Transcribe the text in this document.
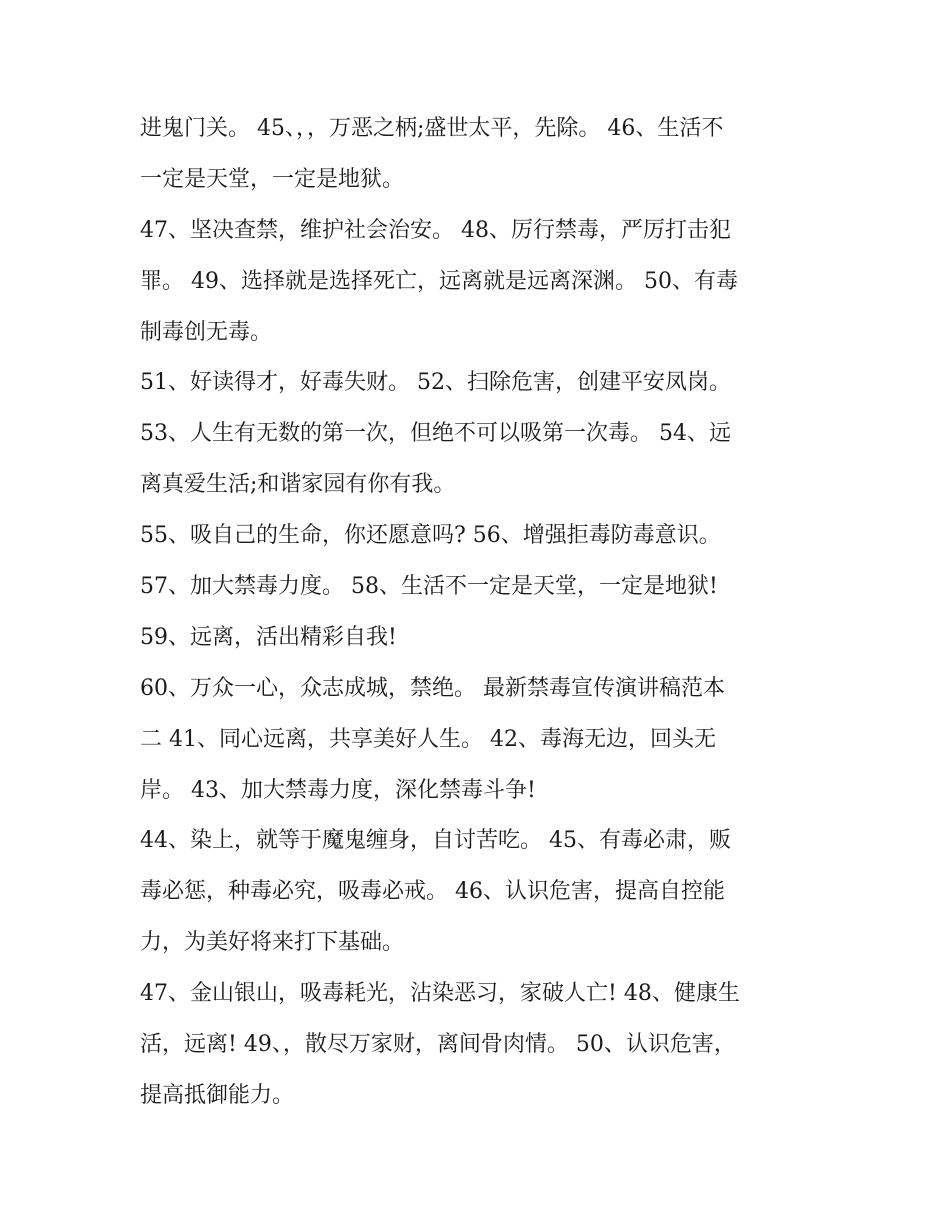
进鬼门关。 45、，，万恶之柄;盛世太平，先除。 46、生活不
一定是天堂，一定是地狱。
47、坚决查禁，维护社会治安。 48、厉行禁毒，严厉打击犯
罪。 49、选择就是选择死亡，远离就是远离深渊。 50、有毒
制毒创无毒。
51、好读得才，好毒失财。 52、扫除危害，创建平安凤岗。
53、人生有无数的第一次，但绝不可以吸第一次毒。 54、远
离真爱生活;和谐家园有你有我。
55、吸自己的生命，你还愿意吗? 56、增强拒毒防毒意识。
57、加大禁毒力度。 58、生活不一定是天堂，一定是地狱!
59、远离，活出精彩自我!
60、万众一心，众志成城，禁绝。 最新禁毒宣传演讲稿范本
二 41、同心远离，共享美好人生。 42、毒海无边，回头无
岸。 43、加大禁毒力度，深化禁毒斗争!
44、染上，就等于魔鬼缠身，自讨苦吃。 45、有毒必肃，贩
毒必惩，种毒必究，吸毒必戒。 46、认识危害，提高自控能
力，为美好将来打下基础。
47、金山银山，吸毒耗光，沾染恶习，家破人亡! 48、健康生
活，远离! 49、，散尽万家财，离间骨肉情。 50、认识危害，
提高抵御能力。
